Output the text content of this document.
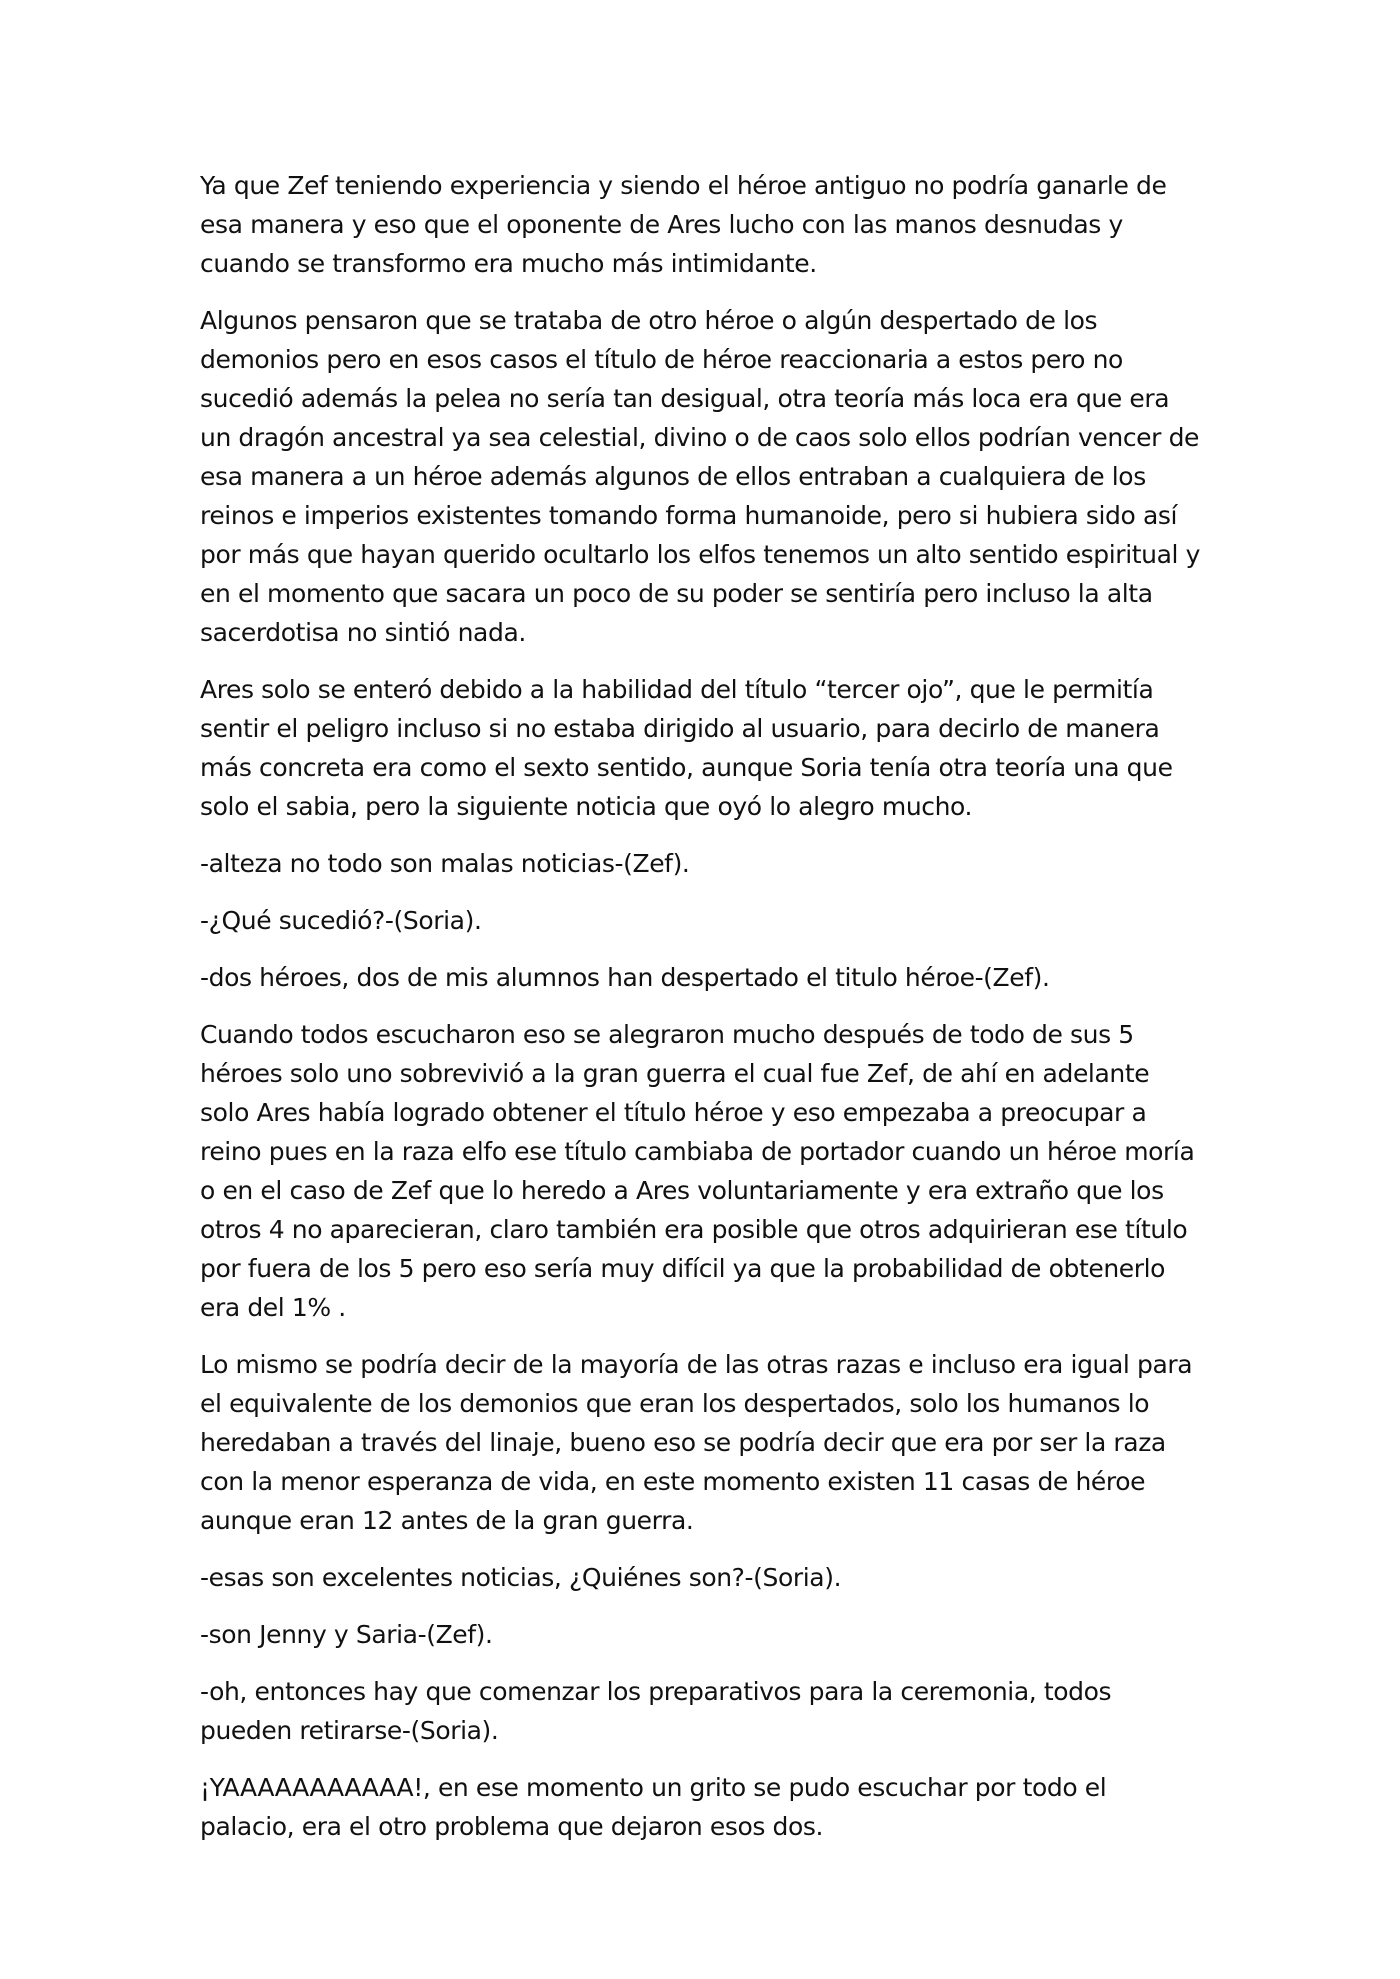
Ya que Zef teniendo experiencia y siendo el héroe antiguo no podría ganarle de esa manera y eso que el oponente de Ares lucho con las manos desnudas y cuando se transformo era mucho más intimidante.

Algunos pensaron que se trataba de otro héroe o algún despertado de los demonios pero en esos casos el título de héroe reaccionaria a estos pero no sucedió además la pelea no sería tan desigual, otra teoría más loca era que era un dragón ancestral ya sea celestial, divino o de caos solo ellos podrían vencer de esa manera a un héroe además algunos de ellos entraban a cualquiera de los reinos e imperios existentes tomando forma humanoide, pero si hubiera sido así por más que hayan querido ocultarlo los elfos tenemos un alto sentido espiritual y en el momento que sacara un poco de su poder se sentiría pero incluso la alta sacerdotisa no sintió nada.

Ares solo se enteró debido a la habilidad del título “tercer ojo”, que le permitía sentir el peligro incluso si no estaba dirigido al usuario, para decirlo de manera más concreta era como el sexto sentido, aunque Soria tenía otra teoría una que solo el sabia, pero la siguiente noticia que oyó lo alegro mucho.

-alteza no todo son malas noticias-(Zef).

-¿Qué sucedió?-(Soria).

-dos héroes, dos de mis alumnos han despertado el titulo héroe-(Zef).

Cuando todos escucharon eso se alegraron mucho después de todo de sus 5 héroes solo uno sobrevivió a la gran guerra el cual fue Zef, de ahí en adelante solo Ares había logrado obtener el título héroe y eso empezaba a preocupar a reino pues en la raza elfo ese título cambiaba de portador cuando un héroe moría o en el caso de Zef que lo heredo a Ares voluntariamente y era extraño que los otros 4 no aparecieran, claro también era posible que otros adquirieran ese título por fuera de los 5 pero eso sería muy difícil ya que la probabilidad de obtenerlo era del 1% .

Lo mismo se podría decir de la mayoría de las otras razas e incluso era igual para el equivalente de los demonios que eran los despertados, solo los humanos lo heredaban a través del linaje, bueno eso se podría decir que era por ser la raza con la menor esperanza de vida, en este momento existen 11 casas de héroe aunque eran 12 antes de la gran guerra.

-esas son excelentes noticias, ¿Quiénes son?-(Soria).

-son Jenny y Saria-(Zef).

-oh, entonces hay que comenzar los preparativos para la ceremonia, todos pueden retirarse-(Soria).

¡YAAAAAAAAAAA!, en ese momento un grito se pudo escuchar por todo el palacio, era el otro problema que dejaron esos dos.
